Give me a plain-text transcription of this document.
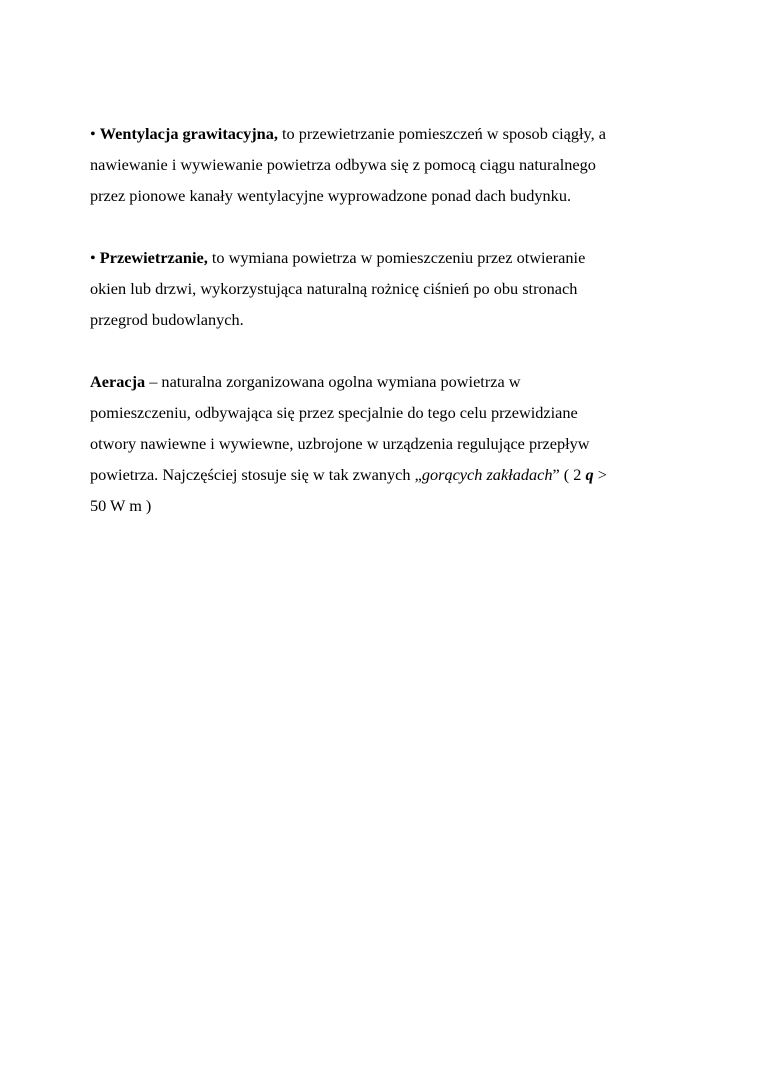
• Wentylacja grawitacyjna, to przewietrzanie pomieszczeń w sposob ciągły, a
nawiewanie i wywiewanie powietrza odbywa się z pomocą ciągu naturalnego
przez pionowe kanały wentylacyjne wyprowadzone ponad dach budynku.

• Przewietrzanie, to wymiana powietrza w pomieszczeniu przez otwieranie
okien lub drzwi, wykorzystująca naturalną rożnicę ciśnień po obu stronach
przegrod budowlanych.

Aeracja – naturalna zorganizowana ogolna wymiana powietrza w
pomieszczeniu, odbywająca się przez specjalnie do tego celu przewidziane
otwory nawiewne i wywiewne, uzbrojone w urządzenia regulujące przepływ
powietrza. Najczęściej stosuje się w tak zwanych „gorących zakładach” ( 2 q >
50 W m )
